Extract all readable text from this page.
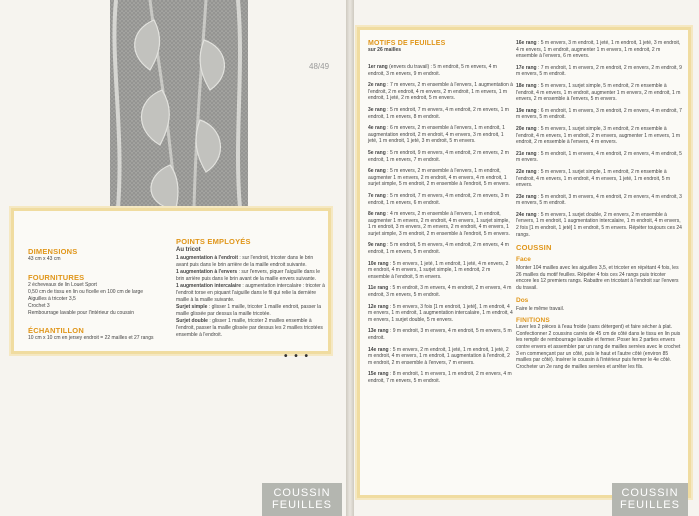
48/49
DIMENSIONS
43 cm x 43 cm
FOURNITURES
2 écheveaux de lin Louet Sport
0,50 cm de tissu en lin ou ficelle en 100 cm de large
Aiguilles à tricoter 3,5
Crochet 3
Rembourrage lavable pour l'intérieur du coussin
ÉCHANTILLON
10 cm x 10 cm en jersey endroit = 22 mailles et 27 rangs
POINTS EMPLOYÉS
Au tricot
1 augmentation à l'endroit : sur l'endroit, tricoter dans le brin avant puis dans le brin arrière de la maille endroit suivante.
1 augmentation à l'envers : sur l'envers, piquer l'aiguille dans le brin arrière puis dans le brin avant de la maille envers suivante.
1 augmentation intercalaire : augmentation intercalaire : tricoter à l'endroit torse en piquant l'aiguille dans le fil qui relie la dernière maille à la maille suivante.
Surjet simple : glisser 1 maille, tricoter 1 maille endroit, passer la maille glissée par dessus la maille tricotée.
Surjet double : glisser 1 maille, tricoter 2 mailles ensemble à l'endroit, passer la maille glissée par dessus les 2 mailles tricotées ensemble à l'endroit.
• • •
COUSSIN
FEUILLES
MOTIFS DE FEUILLES
sur 26 mailles
1er rang (envers du travail) : 5 m endroit, 5 m envers, 4 m endroit, 3 m envers, 9 m endroit.
2e rang : 7 m envers, 2 m ensemble à l'envers, 1 augmentation à l'endroit, 2 m endroit, 4 m envers, 2 m endroit, 1 m envers, 1 m endroit, 1 jeté, 2 m endroit, 5 m envers.
3e rang : 5 m endroit, 7 m envers, 4 m endroit, 2 m envers, 1 m endroit, 1 m envers, 8 m endroit.
4e rang : 6 m envers, 2 m ensemble à l'envers, 1 m endroit, 1 augmentation endroit, 2 m endroit, 4 m envers, 3 m endroit, 1 jeté, 1 m endroit, 1 jeté, 3 m endroit, 5 m envers.
5e rang : 5 m endroit, 9 m envers, 4 m endroit, 2 m envers, 2 m endroit, 1 m envers, 7 m endroit.
6e rang : 5 m envers, 2 m ensemble à l'envers, 1 m endroit, augmenter 1 m envers, 2 m endroit, 4 m envers, 4 m endroit, 1 surjet simple, 5 m endroit, 2 m ensemble à l'endroit, 5 m envers.
7e rang : 5 m endroit, 7 m envers, 4 m endroit, 2 m envers, 3 m endroit, 1 m envers, 6 m endroit.
8e rang : 4 m envers, 2 m ensemble à l'envers, 1 m endroit, augmenter 1 m envers, 2 m endroit, 4 m envers, 1 surjet simple, 1 m endroit, 3 m envers, 2 m envers, 2 m endroit, 4 m envers, 1 surjet simple, 3 m endroit, 2 m ensemble à l'endroit, 5 m envers.
9e rang : 5 m endroit, 5 m envers, 4 m endroit, 2 m envers, 4 m endroit, 1 m envers, 5 m endroit.
10e rang : 5 m envers, 1 jeté, 1 m endroit, 1 jeté, 4 m envers, 2 m endroit, 4 m envers, 1 surjet simple, 1 m endroit, 2 m ensemble à l'endroit, 5 m envers.
11e rang : 5 m endroit, 3 m envers, 4 m endroit, 2 m envers, 4 m endroit, 3 m envers, 5 m endroit.
12e rang : 5 m envers, 3 fois [1 m endroit, 1 jeté], 1 m endroit, 4 m envers, 1 m endroit, 1 augmentation intercalaire, 1 m endroit, 4 m envers, 1 surjet double, 5 m envers.
13e rang : 9 m endroit, 3 m envers, 4 m endroit, 5 m envers, 5 m endroit.
14e rang : 5 m envers, 2 m endroit, 1 jeté, 1 m endroit, 1 jeté, 2 m endroit, 4 m envers, 1 m endroit, 1 augmentation à l'endroit, 2 m endroit, 2 m ensemble à l'envers, 7 m envers.
15e rang : 8 m endroit, 1 m envers, 1 m endroit, 2 m envers, 4 m endroit, 7 m envers, 5 m endroit.
16e rang : 5 m envers, 3 m endroit, 1 jeté, 1 m endroit, 1 jeté, 3 m endroit, 4 m envers, 1 m endroit, augmenter 1 m envers, 1 m endroit, 2 m ensemble à l'envers, 6 m envers.
17e rang : 7 m endroit, 1 m envers, 2 m endroit, 2 m envers, 2 m endroit, 9 m envers, 5 m endroit.
18e rang : 5 m envers, 1 surjet simple, 5 m endroit, 2 m ensemble à l'endroit, 4 m envers, 1 m endroit, augmenter 1 m envers, 2 m endroit, 1 m envers, 2 m ensemble à l'envers, 5 m envers.
19e rang : 6 m endroit, 1 m envers, 3 m endroit, 2 m envers, 4 m endroit, 7 m envers, 5 m endroit.
20e rang : 5 m envers, 1 surjet simple, 3 m endroit, 2 m ensemble à l'endroit, 4 m envers, 1 m endroit, 2 m envers, augmenter 1 m envers, 1 m endroit, 2 m ensemble à l'envers, 4 m envers.
21e rang : 5 m endroit, 1 m envers, 4 m endroit, 2 m envers, 4 m endroit, 5 m envers.
22e rang : 5 m envers, 1 surjet simple, 1 m endroit, 2 m ensemble à l'endroit, 4 m envers, 1 m endroit, 4 m envers, 1 jeté, 1 m endroit, 5 m envers.
23e rang : 5 m endroit, 3 m envers, 4 m endroit, 2 m envers, 4 m endroit, 3 m envers, 5 m endroit.
24e rang : 5 m envers, 1 surjet double, 2 m envers, 2 m ensemble à l'envers, 1 m endroit, 1 augmentation intercalaire, 1 m endroit, 4 m envers, 2 fois [1 m endroit, 1 jeté] 1 m endroit, 5 m envers. Répéter toujours ces 24 rangs.
COUSSIN
Face
Monter 104 mailles avec les aiguilles 3,5, et tricoter en répétant 4 fois, les 26 mailles du motif feuilles. Répéter 4 fois ces 24 rangs puis tricoter encore les 12 premiers rangs. Rabattre en tricotant à l'endroit sur l'envers du travail.
Dos
Faire le même travail.
FINITIONS
Laver les 2 pièces à l'eau froide (sans détergent) et faire sécher à plat. Confectionner 2 coussins carrés de 45 cm de côté dans le tissu en lin puis les remplir de rembourrage lavable et fermer. Poser les 2 parties envers contre envers et assembler par un rang de mailles serrées avec le crochet 3 en commençant par un côté, puis le haut et l'autre côté (environ 85 mailles par côté). Insérer le coussin à l'intérieur puis fermer le 4e côté. Crocheter un 2e rang de mailles serrées et arrêter les fils.
COUSSIN
FEUILLES
